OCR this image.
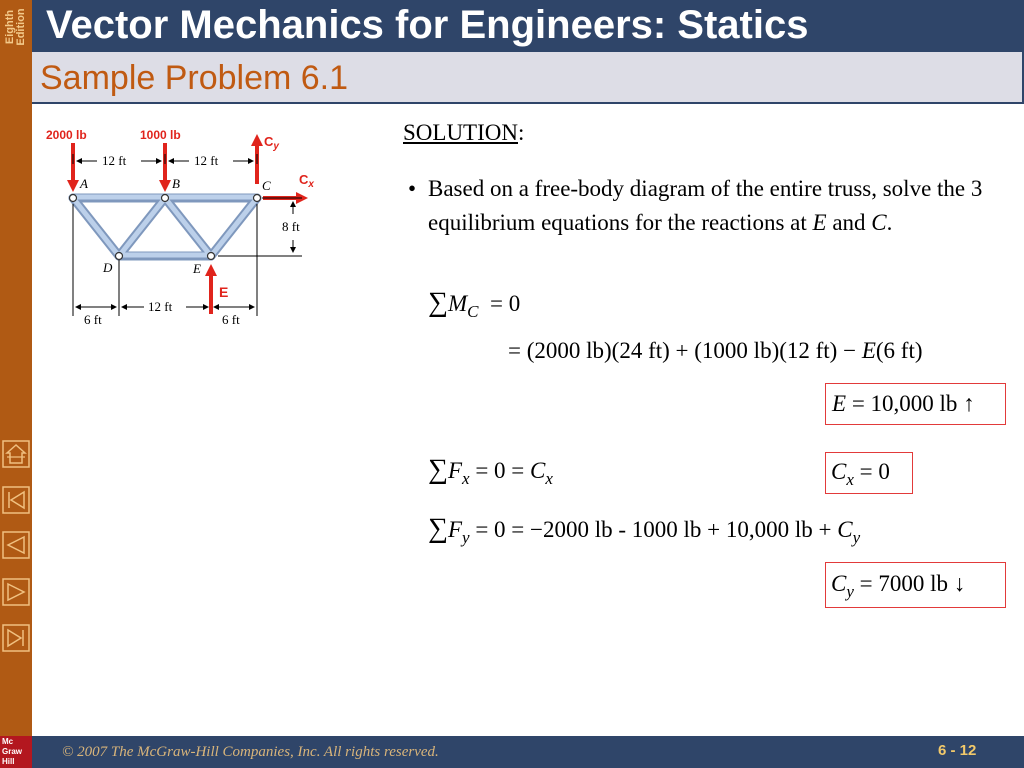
Eighth Edition
Mc
Graw
Hill
Vector Mechanics for Engineers: Statics
Sample Problem 6.1
2000 lb	1000 lb	$C_y$
$C_x$
E
A	B	C
D	E
12 ft	12 ft
8 ft
6 ft
12 ft
6 ft
SOLUTION:
• Based on a free-body diagram of the entire truss, solve the 3 equilibrium equations for the reactions at E and C.
$\sum M_C = 0$
= (2000 lb)(24 ft) + (1000 lb)(12 ft) − E(6 ft)
E = 10,000 lb ↑
$\sum F_x = 0 = C_x$	$C_x = 0$
$\sum F_y = 0 = -2000$ lb - 1000 lb + 10,000 lb + $C_y$
$C_y = 7000$ lb ↓
© 2007 The McGraw-Hill Companies, Inc. All rights reserved.	6 - 12
